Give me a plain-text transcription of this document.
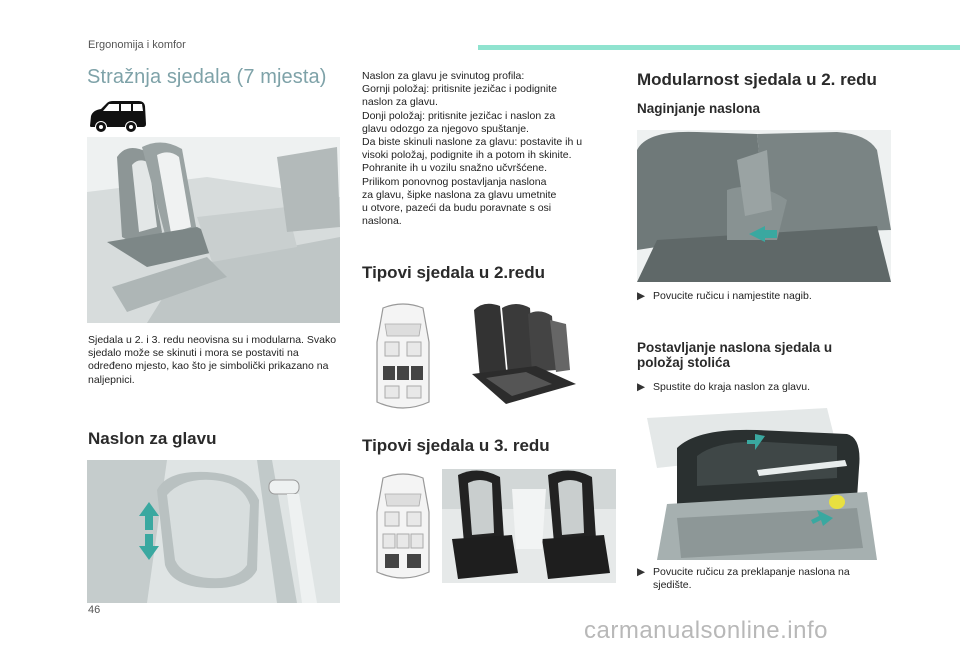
Ergonomija i komfor
Stražnja sjedala (7 mjesta)
Sjedala u 2. i 3. redu neovisna su i modularna. Svako sjedalo može se skinuti i mora se postaviti na određeno mjesto, kao što je simbolički prikazano na naljepnici.
Naslon za glavu
Naslon za glavu je svinutog profila:
Gornji položaj: pritisnite jezičac i podignite
naslon za glavu.
Donji položaj: pritisnite jezičac i naslon za
glavu odozgo za njegovo spuštanje.
Da biste skinuli naslone za glavu: postavite ih u
visoki položaj, podignite ih a potom ih skinite.
Pohranite ih u vozilu snažno učvršćene.
Prilikom ponovnog postavljanja naslona
za glavu, šipke naslona za glavu umetnite
u otvore, pazeći da budu poravnate s osi
naslona.
Tipovi sjedala u 2.redu
Tipovi sjedala u 3. redu
Modularnost sjedala u 2. redu
Naginjanje naslona
▶ Povucite ručicu i namjestite nagib.
Postavljanje naslona sjedala u
položaj stolića
▶ Spustite do kraja naslon za glavu.
▶ Povucite ručicu za preklapanje naslona na
sjedište.
46
carmanualsonline.info
